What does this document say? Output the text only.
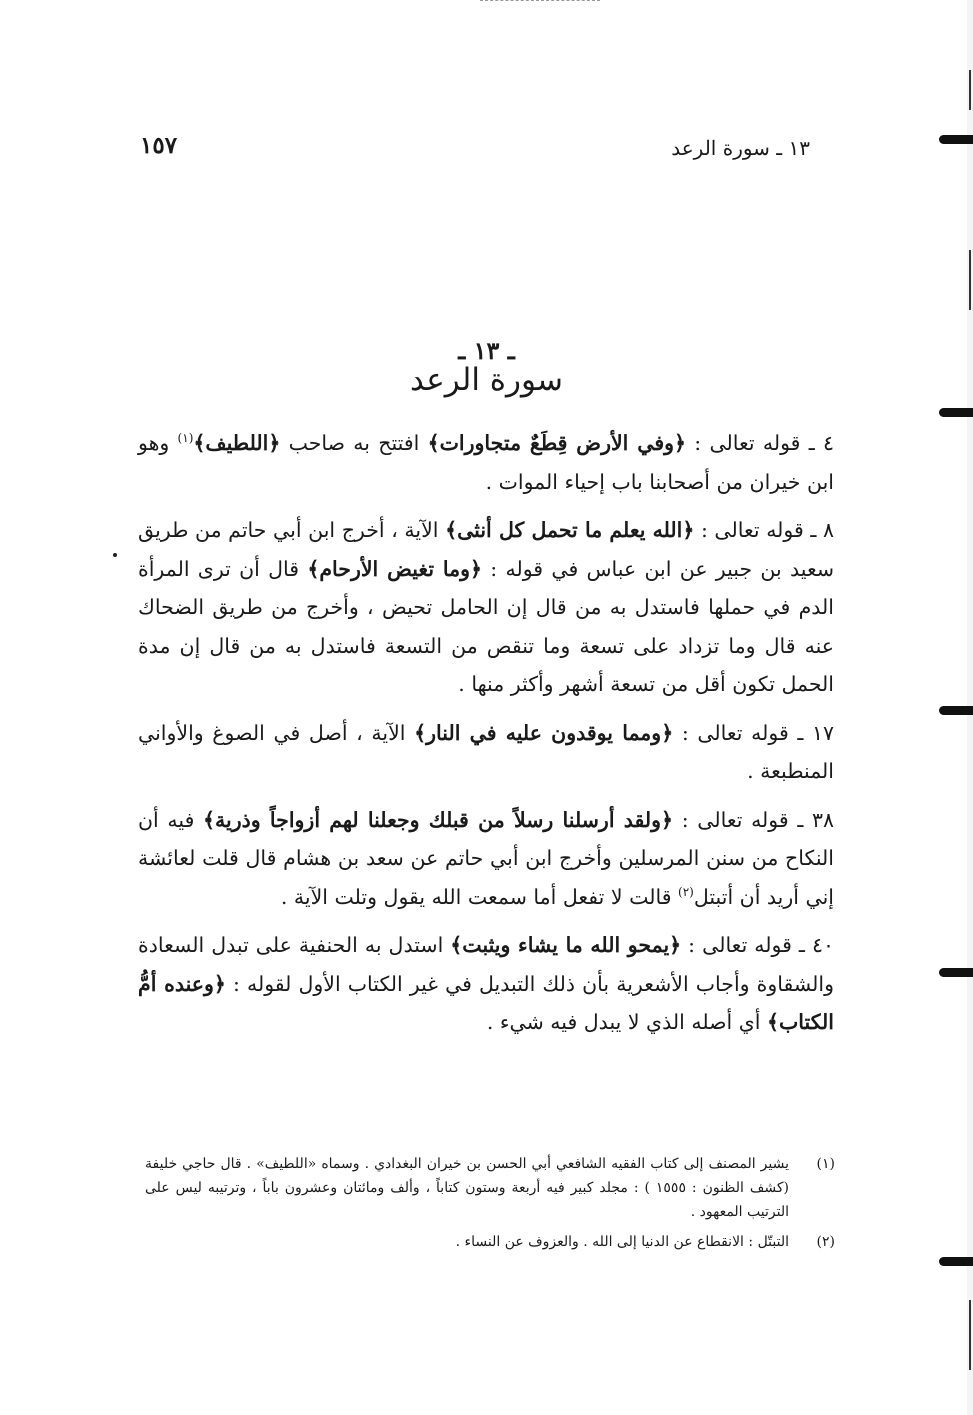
١٣ ـ سورة الرعد
١٥٧
ـ ١٣ ـ
سورة الرعد

٤ ـ قوله تعالى : ﴿وفي الأرض قِطَعٌ متجاورات﴾ افتتح به صاحب ﴿اللطيف﴾$^{(١)}$ وهو ابن خيران من أصحابنا باب إحياء الموات .

٨ ـ قوله تعالى : ﴿الله يعلم ما تحمل كل أنثى﴾ الآية ، أخرج ابن أبي حاتم من طريق سعيد بن جبير عن ابن عباس في قوله : ﴿وما تغيض الأرحام﴾ قال أن ترى المرأة الدم في حملها فاستدل به من قال إن الحامل تحيض ، وأخرج من طريق الضحاك عنه قال وما تزداد على تسعة وما تنقص من التسعة فاستدل به من قال إن مدة الحمل تكون أقل من تسعة أشهر وأكثر منها .

١٧ ـ قوله تعالى : ﴿ومما يوقدون عليه في النار﴾ الآية ، أصل في الصوغ والأواني المنطبعة .

٣٨ ـ قوله تعالى : ﴿ولقد أرسلنا رسلاً من قبلك وجعلنا لهم أزواجاً وذرية﴾ فيه أن النكاح من سنن المرسلين وأخرج ابن أبي حاتم عن سعد بن هشام قال قلت لعائشة إني أريد أن أتبتل$^{(٢)}$ قالت لا تفعل أما سمعت الله يقول وتلت الآية .

٤٠ ـ قوله تعالى : ﴿يمحو الله ما يشاء ويثبت﴾ استدل به الحنفية على تبدل السعادة والشقاوة وأجاب الأشعرية بأن ذلك التبديل في غير الكتاب الأول لقوله : ﴿وعنده أمُّ الكتاب﴾ أي أصله الذي لا يبدل فيه شيء .

(١)
يشير المصنف إلى كتاب الفقيه الشافعي أبي الحسن بن خيران البغدادي . وسماه «اللطيف» . قال حاجي خليفة (كشف الظنون : ١٥٥٥ ) : مجلد كبير فيه أربعة وستون كتاباً ، وألف ومائتان وعشرون باباً ، وترتيبه ليس على الترتيب المعهود .

(٢)
التبتّل : الانقطاع عن الدنيا إلى الله . والعزوف عن النساء .
